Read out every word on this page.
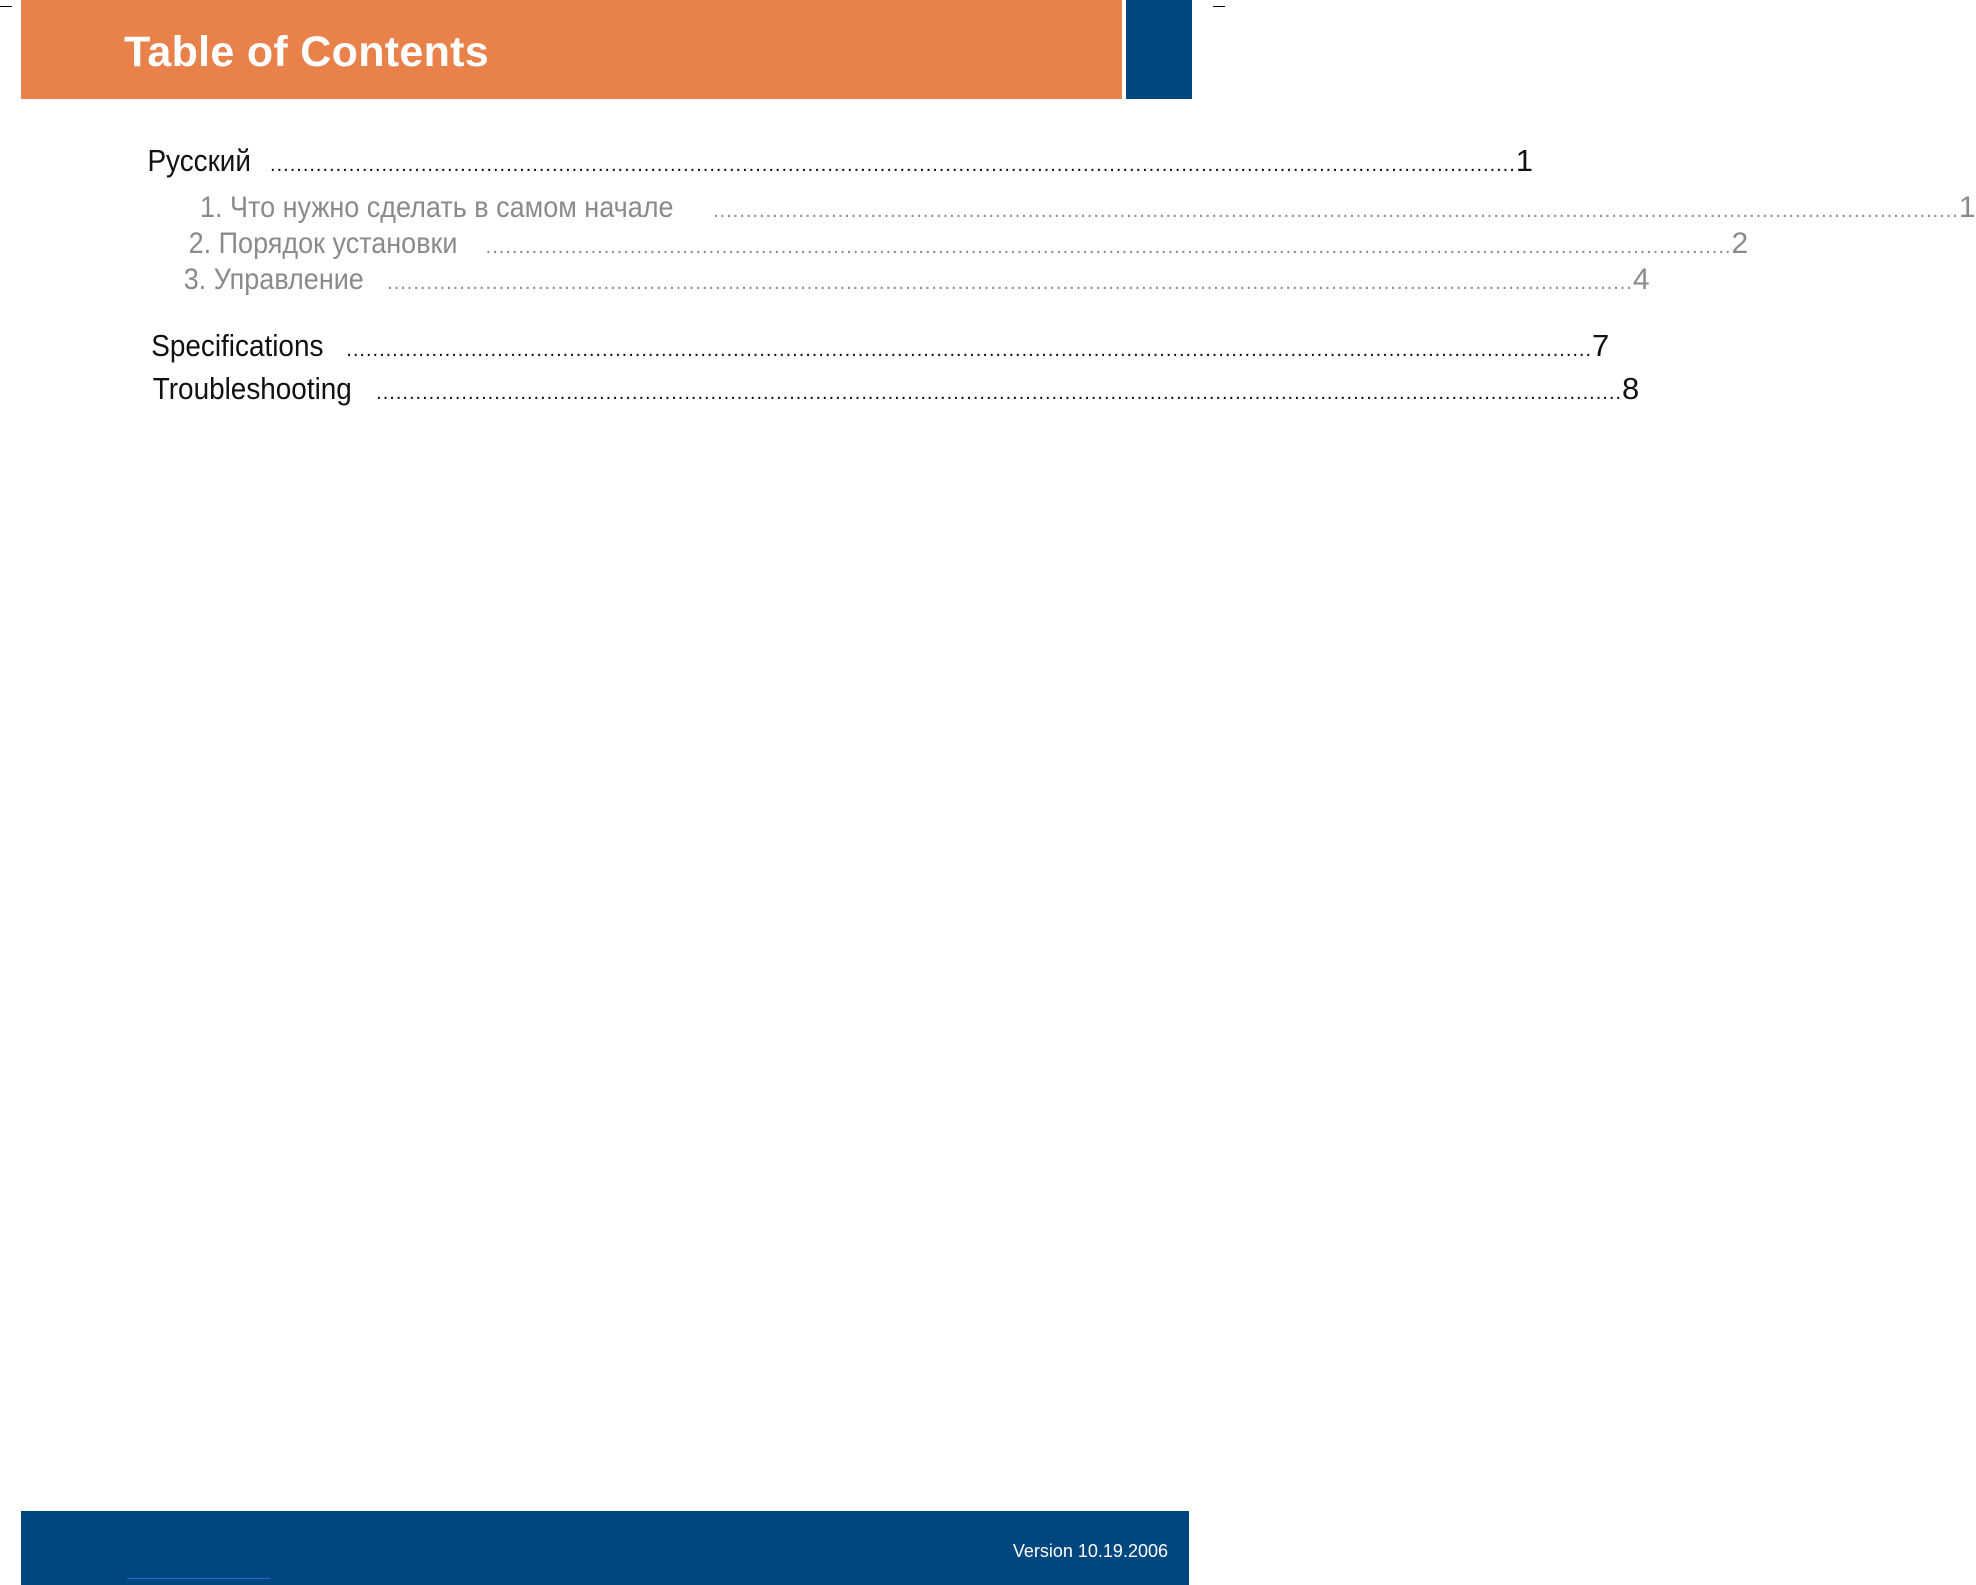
Table of Contents
Русский .............................................................................................................................................................................................. 1
1. Что нужно сделать в самом начале	.............................................................................................................................................................................................. 1
2. Порядок установки	.............................................................................................................................................................................................. 2
3. Управление	.............................................................................................................................................................................................. 4
Specifications	.............................................................................................................................................................................................. 7
Troubleshooting	.............................................................................................................................................................................................. 8
Version 10.19.2006
